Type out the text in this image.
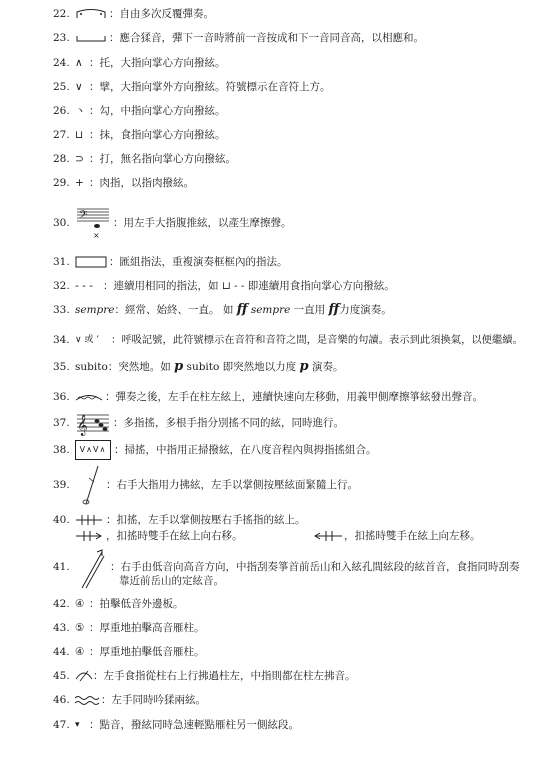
22.	：自由多次反覆彈奏。
23.	：應合猱音，彈下一音時將前一音按成和下一音同音高，以相應和。
24. ∧ ：托，大指向掌心方向撥絃。
25. ∨ ：擘，大指向掌外方向撥絃。符號標示在音符上方。
26. 丶 ：勾，中指向掌心方向撥絃。
27. ⊔ ：抹，食指向掌心方向撥絃。
28. ⊃ ：打，無名指向掌心方向撥絃。
29. + ：肉指，以指肉撥絃。
30. 𝄢
×
：用左手大指腹推絃，以產生摩擦聲。
31.	：匯組指法，重複演奏框框內的指法。
32. - - - ：連續用相同的指法，如 ⊔ - - 即連續用食指向掌心方向撥絃。
33. sempre：經常、始終、一直。 如 ff sempre 一直用 ff力度演奏。
34. ∨ 或 ’ ：呼吸記號，此符號標示在音符和音符之間，是音樂的句讀。表示到此須換氣，以便繼續。
35. subito：突然地。如 p subito 即突然地以力度 p 演奏。
36.	：彈奏之後，左手在柱左絃上，連續快速向左移動，用義甲側摩擦箏絃發出聲音。
37. 𝄞 ：多指搖，多根手指分別搖不同的絃，同時進行。
38.	V∧V∧ ：掃搖，中指用正掃撥絃，在八度音程內與拇指搖組合。
39.	：右手大指用力拂絃，左手以掌側按壓絃面緊隨上行。
40.	：扣搖，左手以掌側按壓右手搖指的絃上。
，扣搖時雙手在絃上向右移。	，扣搖時雙手在絃上向左移。
41.	：右手由低音向高音方向，中指刮奏箏首前岳山和入絃孔間絃段的絃首音，食指同時刮奏
靠近前岳山的定絃音。
42. ④ ：拍擊低音外邊板。
43. ⑤ ：厚重地拍擊高音雁柱。
44. ④ ：厚重地拍擊低音雁柱。
45. ：左手食指從柱右上行拂過柱左，中指則都在柱左拂音。
46.	：左手同時吟猱兩絃。
47. ▾ ：點音，撥絃同時急速輕點雁柱另一側絃段。
